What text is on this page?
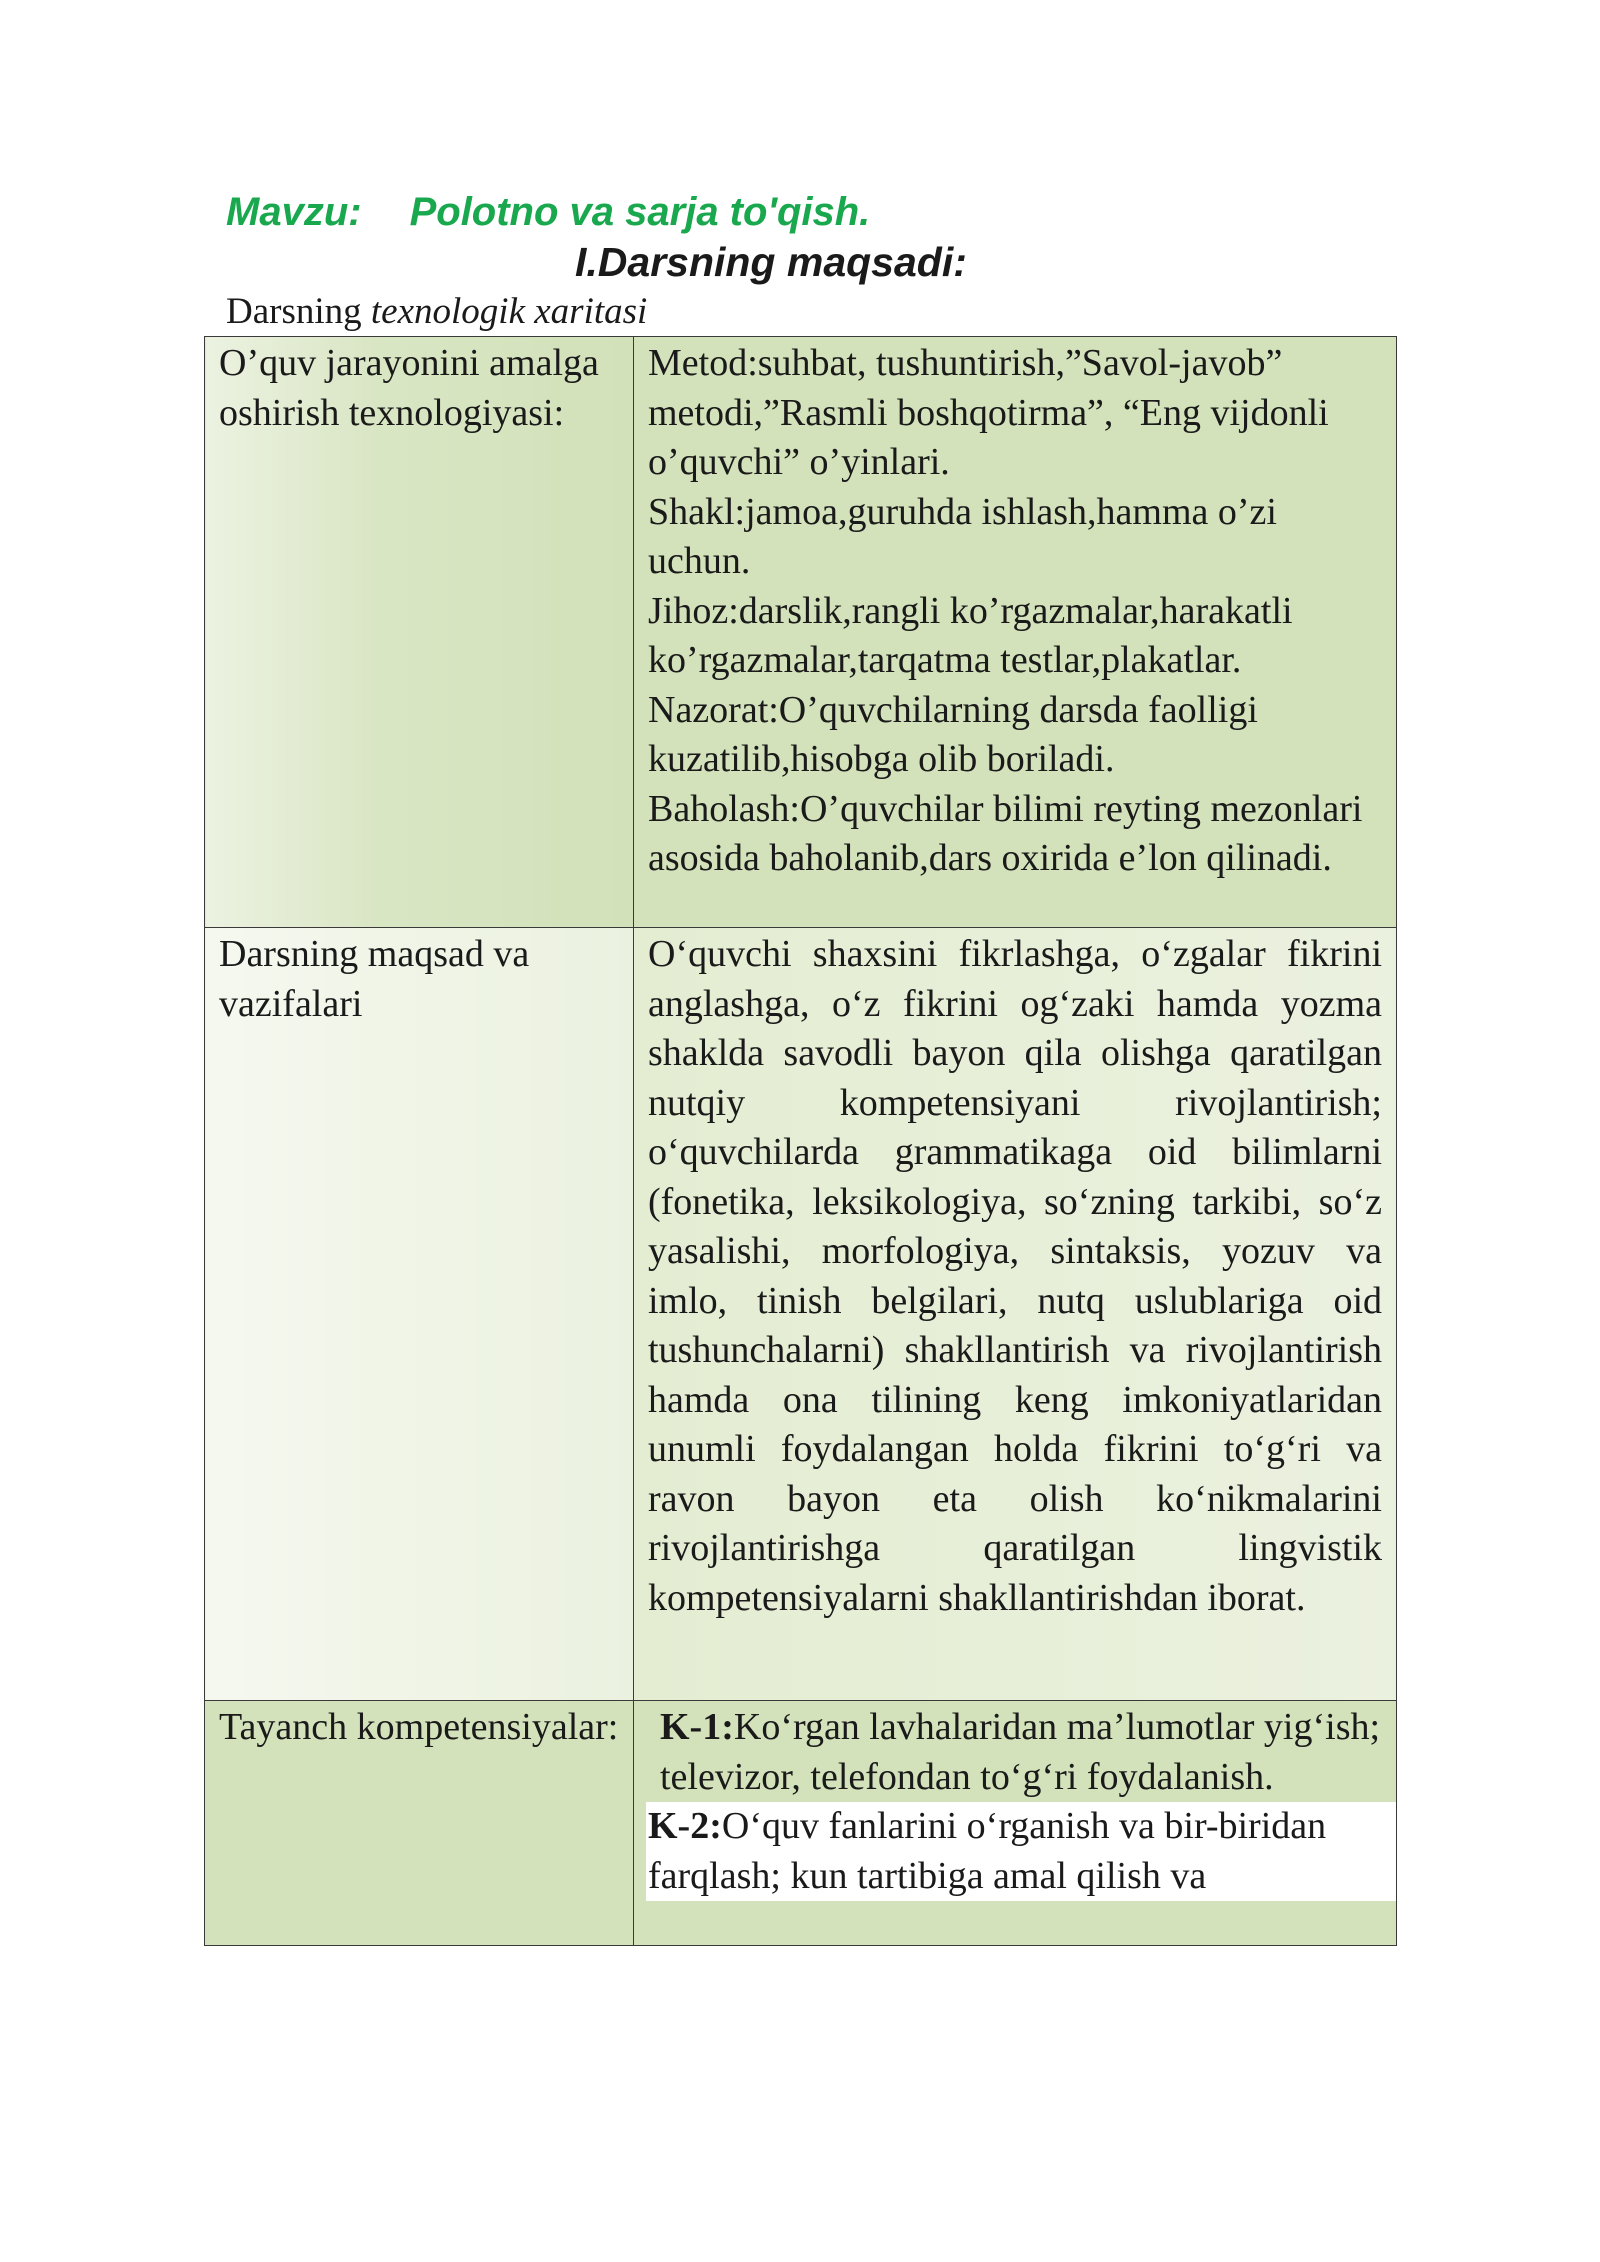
Mavzu: Polotno va sarja to'qish.
I.Darsning maqsadi:
Darsning texnologik xaritasi

O’quv jarayonini amalga oshirish texnologiyasi:	Metod:suhbat, tushuntirish,”Savol-javob” metodi,”Rasmli boshqotirma”, “Eng vijdonli o’quvchi” o’yinlari.

Shakl:jamoa,guruhda ishlash,hamma o’zi uchun.

Jihoz:darslik,rangli ko’rgazmalar,harakatli ko’rgazmalar,tarqatma testlar,plakatlar.

Nazorat:O’quvchilarning darsda faolligi kuzatilib,hisobga olib boriladi.

Baholash:O’quvchilar bilimi reyting mezonlari asosida baholanib,dars oxirida e’lon qilinadi.

Darsning maqsad va vazifalari	O‘quvchi shaxsini fikrlashga, o‘zgalar fikrini anglashga, o‘z fikrini og‘zaki hamda yozma shaklda savodli bayon qila olishga qaratilgan nutqiy kompetensiyani rivojlantirish; o‘quvchilarda grammatikaga oid bilimlarni (fonetika, leksikologiya, so‘zning tarkibi, so‘z yasalishi, morfologiya, sintaksis, yozuv va imlo, tinish belgilari, nutq uslublariga oid tushunchalarni) shakllantirish va rivojlantirish hamda ona tilining keng imkoniyatlaridan unumli foydalangan holda fikrini to‘g‘ri va ravon bayon eta olish ko‘nikmalarini rivojlantirishga qaratilgan lingvistik kompetensiyalarni shakllantirishdan iborat.

Tayanch kompetensiyalar:	K-1:Ko‘rgan lavhalaridan ma’lumotlar yig‘ish; televizor, telefondan to‘g‘ri foydalanish.

K-2:O‘quv fanlarini o‘rganish va bir-biridan farqlash; kun tartibiga amal qilish va
